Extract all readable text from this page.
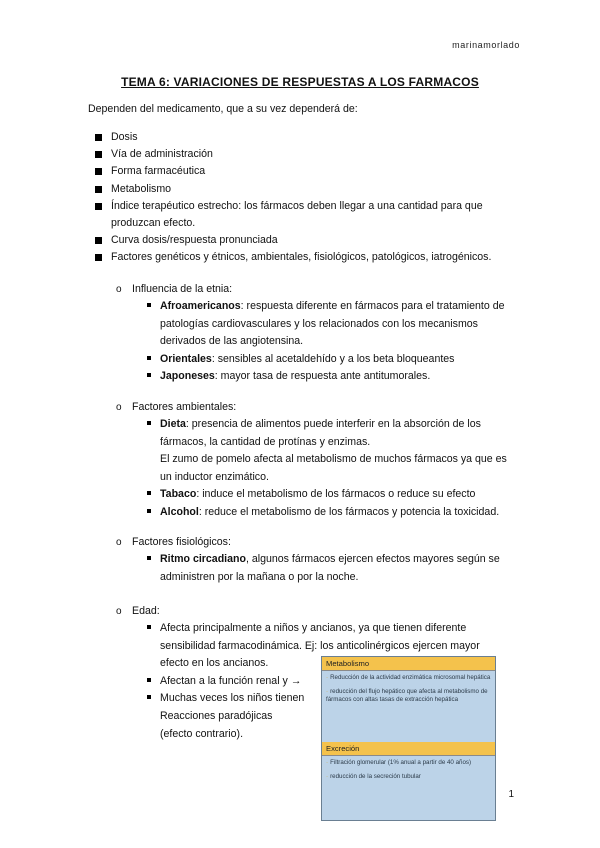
marinamorlado
TEMA 6: VARIACIONES DE RESPUESTAS A LOS FARMACOS
Dependen del medicamento, que a su vez dependerá de:
Dosis
Vía de administración
Forma farmacéutica
Metabolismo
Índice terapéutico estrecho: los fármacos deben llegar a una cantidad para que produzcan efecto.
Curva dosis/respuesta pronunciada
Factores genéticos y étnicos, ambientales, fisiológicos, patológicos, iatrogénicos.
o Influencia de la etnia:
Afroamericanos: respuesta diferente en fármacos para el tratamiento de patologías cardiovasculares y los relacionados con los mecanismos derivados de las angiotensina.
Orientales: sensibles al acetaldehído y a los beta bloqueantes
Japoneses: mayor tasa de respuesta ante antitumorales.
o Factores ambientales:
Dieta: presencia de alimentos puede interferir en la absorción de los fármacos, la cantidad de protínas y enzimas.
El zumo de pomelo afecta al metabolismo de muchos fármacos ya que es un inductor enzimático.
Tabaco: induce el metabolismo de los fármacos o reduce su efecto
Alcohol: reduce el metabolismo de los fármacos y potencia la toxicidad.
o Factores fisiológicos:
Ritmo circadiano, algunos fármacos ejercen efectos mayores según se administren por la mañana o por la noche.
o Edad:
Afecta principalmente a niños y ancianos, ya que tienen diferente sensibilidad farmacodinámica. Ej: los anticolinérgicos ejercen mayor efecto en los ancianos.
Afectan a la función renal y →
Muchas veces los niños tienen Reacciones paradójicas (efecto contrario).
Metabolismo
· Reducción de la actividad enzimática microsomal hepática
· reducción del flujo hepático que afecta al metabolismo de fármacos con altas tasas de extracción hepática
Excreción
· Filtración glomerular (1% anual a partir de 40 años)
· reducción de la secreción tubular
1
